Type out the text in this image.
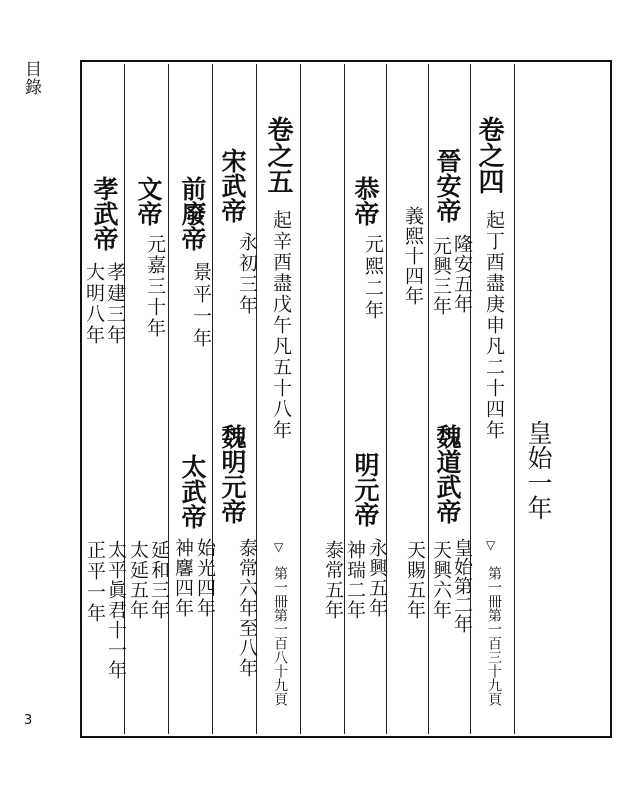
目錄
3
皇始一年
卷之四
起丁酉盡庚申凡二十四年
▽
第一冊第一百三十九頁
晉安帝
隆安五年
元興三年
義熙十四年
魏道武帝
皇始第二年
天興六年
天賜五年
恭帝
元熙二年
明元帝
永興五年
神瑞二年
泰常五年
卷之五
起辛酉盡戊午凡五十八年
▽
第一冊第一百八十九頁
宋武帝
永初三年
魏明元帝
泰常六年至八年
前廢帝
景平一年
太武帝
始光四年
神麘四年
延和三年
太延五年
太平眞君十一年
正平一年
文帝
元嘉三十年
孝武帝
孝建三年
大明八年
